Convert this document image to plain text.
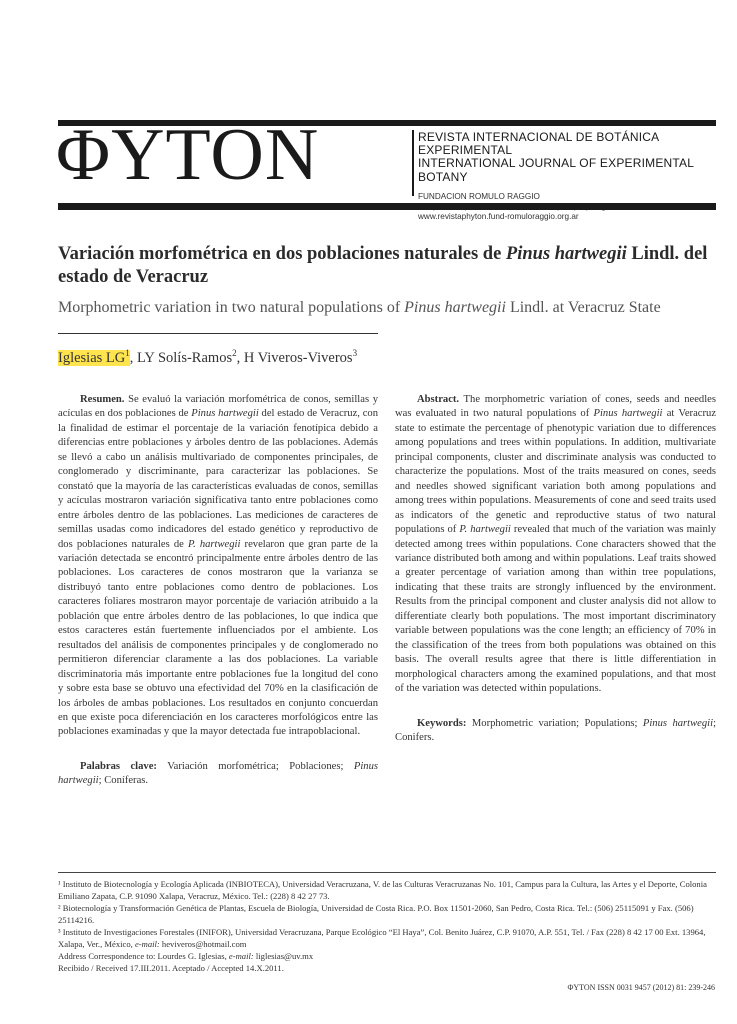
ΦYTON	REVISTA INTERNACIONAL DE BOTÁNICA EXPERIMENTAL
INTERNATIONAL JOURNAL OF EXPERIMENTAL BOTANY
FUNDACION ROMULO RAGGIO
www.revistaphyton.fund-romuloraggio.org.ar
Variación morfométrica en dos poblaciones naturales de Pinus hartwegii Lindl. del estado de Veracruz
Morphometric variation in two natural populations of Pinus hartwegii Lindl. at Veracruz State
Iglesias $LG^1$, LY Solís-Ramos$^2$, H Viveros-Viveros$^3$
Resumen. Se evaluó la variación morfométrica de conos, semillas y acículas en dos poblaciones de Pinus hartwegii del estado de Veracruz, con la finalidad de estimar el porcentaje de la variación fenotípica debido a diferencias entre poblaciones y árboles dentro de las poblaciones. Además se llevó a cabo un análisis multivariado de componentes principales, de conglomerado y discriminante, para caracterizar las poblaciones. Se constató que la mayoría de las características evaluadas de conos, semillas y acículas mostraron variación significativa tanto entre poblaciones como entre árboles dentro de las poblaciones. Las mediciones de caracteres de semillas usadas como indicadores del estado genético y reproductivo de dos poblaciones naturales de P. hartwegii revelaron que gran parte de la variación detectada se encontró principalmente entre árboles dentro de las poblaciones. Los caracteres de conos mostraron que la varianza se distribuyó tanto entre poblaciones como dentro de poblaciones. Los caracteres foliares mostraron mayor porcentaje de variación atribuido a la población que entre árboles dentro de las poblaciones, lo que indica que estos caracteres están fuertemente influenciados por el ambiente. Los resultados del análisis de componentes principales y de conglomerado no permitieron diferenciar claramente a las dos poblaciones. La variable discriminatoria más importante entre poblaciones fue la longitud del cono y sobre esta base se obtuvo una efectividad del 70% en la clasificación de los árboles de ambas poblaciones. Los resultados en conjunto concuerdan en que existe poca diferenciación en los caracteres morfológicos entre las poblaciones examinadas y que la mayor detectada fue intrapoblacional.
Palabras clave: Variación morfométrica; Poblaciones; Pinus hartwegii; Coníferas.
Abstract. The morphometric variation of cones, seeds and needles was evaluated in two natural populations of Pinus hartwegii at Veracruz state to estimate the percentage of phenotypic variation due to differences among populations and trees within populations. In addition, multivariate principal components, cluster and discriminate analysis was conducted to characterize the populations. Most of the traits measured on cones, seeds and needles showed significant variation both among populations and among trees within populations. Measurements of cone and seed traits used as indicators of the genetic and reproductive status of two natural populations of P. hartwegii revealed that much of the variation was mainly detected among trees within populations. Cone characters showed that the variance distributed both among and within populations. Leaf traits showed a greater percentage of variation among than within tree populations, indicating that these traits are strongly influenced by the environment. Results from the principal component and cluster analysis did not allow to differentiate clearly both populations. The most important discriminatory variable between populations was the cone length; an efficiency of 70% in the classification of the trees from both populations was obtained on this basis. The overall results agree that there is little differentiation in morphological characters among the examined populations, and that most of the variation was detected within populations.
Keywords: Morphometric variation; Populations; Pinus hartwegii; Conifers.
¹ Instituto de Biotecnología y Ecología Aplicada (INBIOTECA), Universidad Veracruzana, V. de las Culturas Veracruzanas No. 101, Campus para la Cultura, las Artes y el Deporte, Colonia Emiliano Zapata, C.P. 91090 Xalapa, Veracruz, México. Tel.: (228) 8 42 27 73.
² Biotecnología y Transformación Genética de Plantas, Escuela de Biología, Universidad de Costa Rica. P.O. Box 11501-2060, San Pedro, Costa Rica. Tel.: (506) 25115091 y Fax. (506) 25114216.
³ Instituto de Investigaciones Forestales (INIFOR), Universidad Veracruzana, Parque Ecológico “El Haya”, Col. Benito Juárez, C.P. 91070, A.P. 551, Tel. / Fax (228) 8 42 17 00 Ext. 13964, Xalapa, Ver., México, e-mail: heviveros@hotmail.com
Address Correspondence to: Lourdes G. Iglesias, e-mail: liglesias@uv.mx
Recibido / Received 17.III.2011. Aceptado / Accepted 14.X.2011.
ΦYTON ISSN 0031 9457 (2012) 81: 239-246
